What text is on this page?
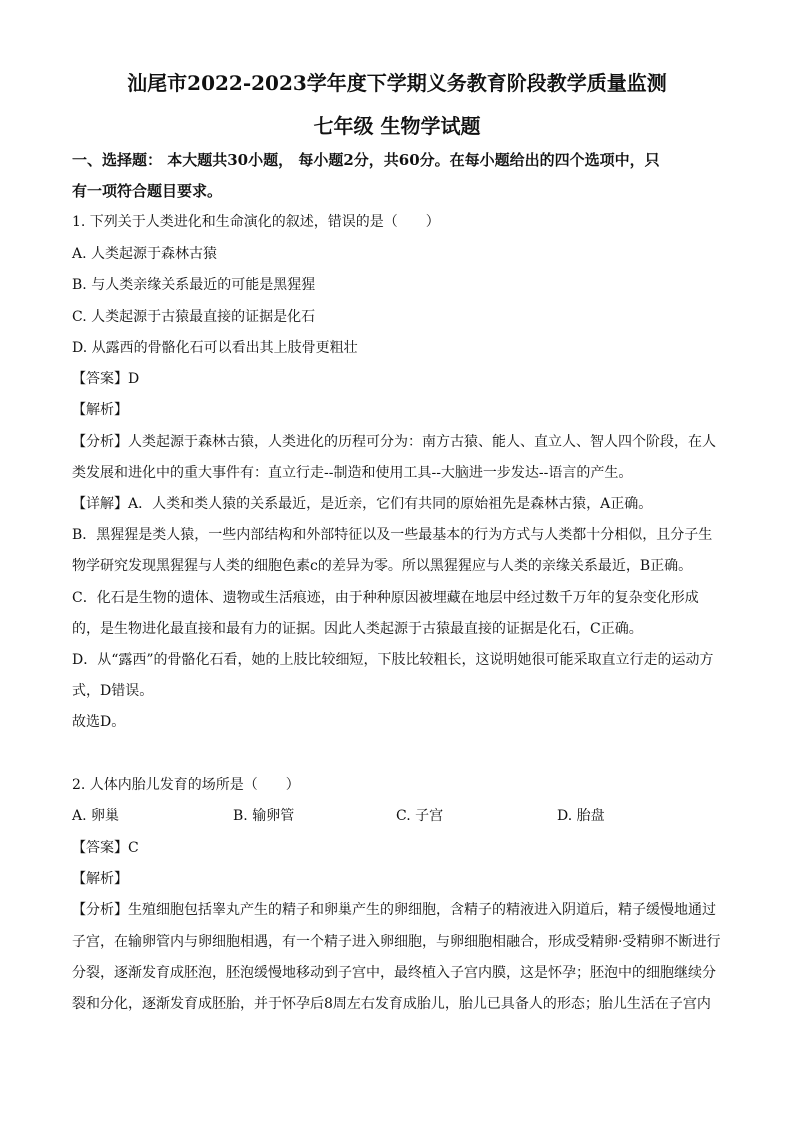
汕尾市2022-2023学年度下学期义务教育阶段教学质量监测
七年级 生物学试题
一、选择题： 本大题共30小题， 每小题2分，共60分。在每小题给出的四个选项中，只
有一项符合题目要求。
1. 下列关于人类进化和生命演化的叙述，错误的是（　　）
A. 人类起源于森林古猿
B. 与人类亲缘关系最近的可能是黑猩猩
C. 人类起源于古猿最直接的证据是化石
D. 从露西的骨骼化石可以看出其上肢骨更粗壮
【答案】D
【解析】
【分析】人类起源于森林古猿，人类进化的历程可分为：南方古猿、能人、直立人、智人四个阶段，在人
类发展和进化中的重大事件有：直立行走--制造和使用工具--大脑进一步发达--语言的产生。
【详解】A．人类和类人猿的关系最近，是近亲，它们有共同的原始祖先是森林古猿，A正确。
B．黑猩猩是类人猿，一些内部结构和外部特征以及一些最基本的行为方式与人类都十分相似，且分子生
物学研究发现黑猩猩与人类的细胞色素c的差异为零。所以黑猩猩应与人类的亲缘关系最近，B正确。
C．化石是生物的遗体、遗物或生活痕迹，由于种种原因被埋藏在地层中经过数千万年的复杂变化形成
的，是生物进化最直接和最有力的证据。因此人类起源于古猿最直接的证据是化石，C正确。
D．从“露西”的骨骼化石看，她的上肢比较细短，下肢比较粗长，这说明她很可能采取直立行走的运动方
式，D错误。
故选D。
2. 人体内胎儿发育的场所是（　　）
A. 卵巢	B. 输卵管	C. 子宫	D. 胎盘
【答案】C
【解析】
【分析】生殖细胞包括睾丸产生的精子和卵巢产生的卵细胞，含精子的精液进入阴道后，精子缓慢地通过
子宫，在输卵管内与卵细胞相遇，有一个精子进入卵细胞，与卵细胞相融合，形成受精卵·受精卵不断进行
分裂，逐渐发育成胚泡，胚泡缓慢地移动到子宫中，最终植入子宫内膜，这是怀孕；胚泡中的细胞继续分
裂和分化，逐渐发育成胚胎，并于怀孕后8周左右发育成胎儿，胎儿已具备人的形态；胎儿生活在子宫内
